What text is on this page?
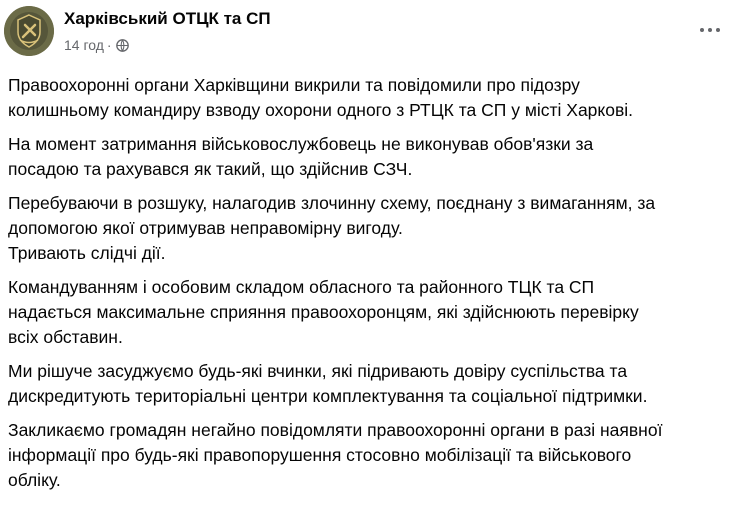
Харківський ОТЦК та СП
14 год ·

Правоохоронні органи Харківщини викрили та повідомили про підозру

колишньому командиру взводу охорони одного з РТЦК та СП у місті Харкові.

На момент затримання військовослужбовець не виконував обов'язки за

посадою та рахувався як такий, що здійснив СЗЧ.

Перебуваючи в розшуку, налагодив злочинну схему, поєднану з вимаганням, за

допомогою якої отримував неправомірну вигоду.

Тривають слідчі дії.

Командуванням і особовим складом обласного та районного ТЦК та СП

надається максимальне сприяння правоохоронцям, які здійснюють перевірку

всіх обставин.

Ми рішуче засуджуємо будь-які вчинки, які підривають довіру суспільства та

дискредитують територіальні центри комплектування та соціальної підтримки.

Закликаємо громадян негайно повідомляти правоохоронні органи в разі наявної

інформації про будь-які правопорушення стосовно мобілізації та військового

обліку.
